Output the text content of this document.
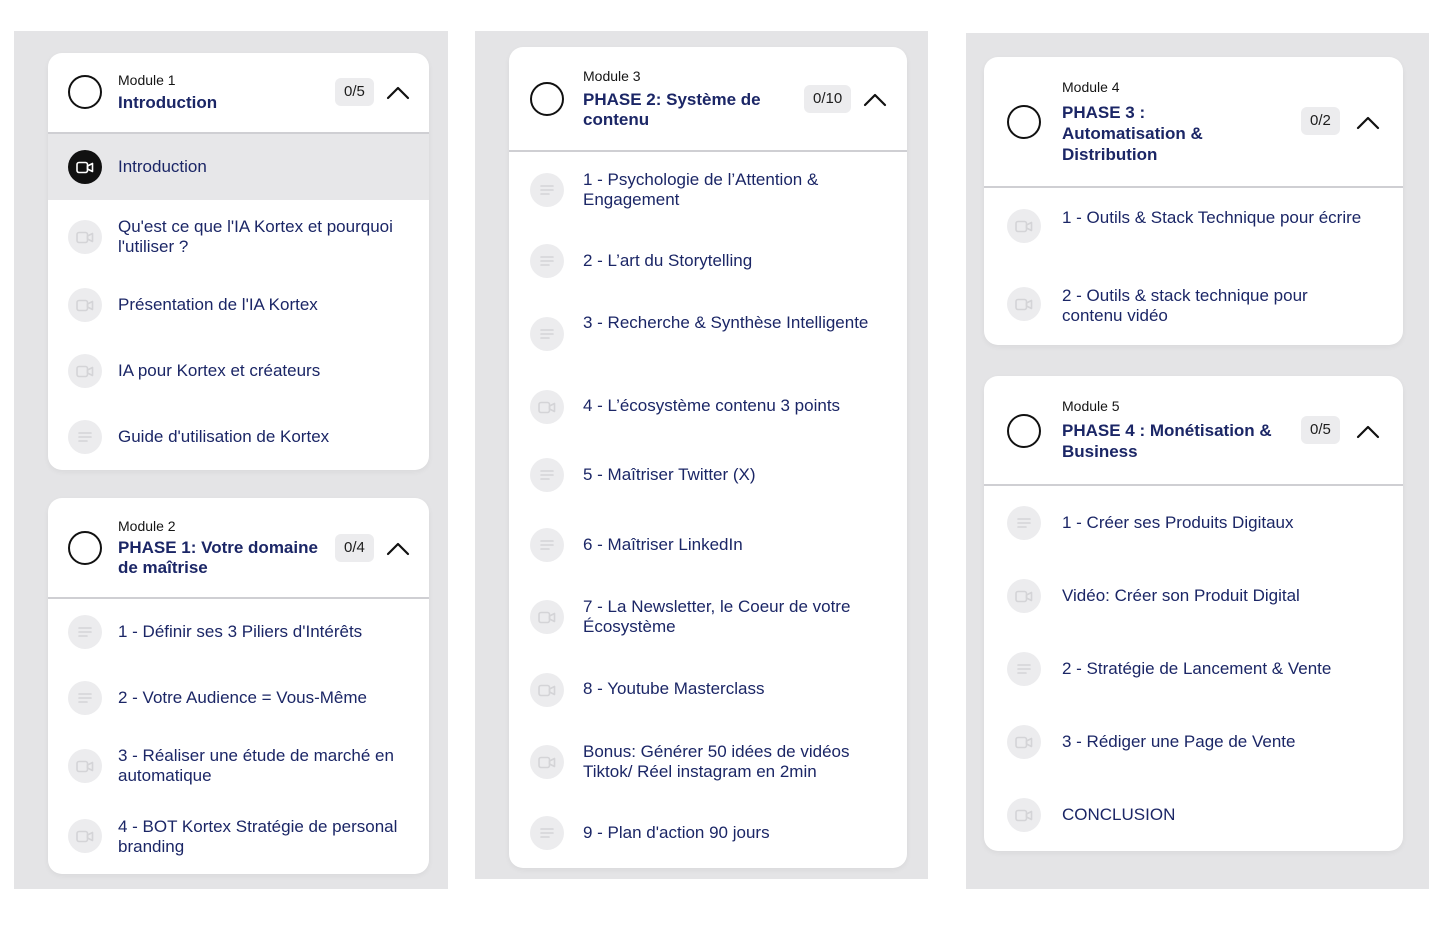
Module 1
Introduction
0/5
Introduction
Qu'est ce que l'IA Kortex et pourquoi l'utiliser ?
Présentation de l'IA Kortex
IA pour Kortex et créateurs
Guide d'utilisation de Kortex
Module 2
PHASE 1: Votre domaine de maîtrise
0/4
1 - Définir ses 3 Piliers d'Intérêts
2 - Votre Audience = Vous-Même
3 - Réaliser une étude de marché en automatique
4 - BOT Kortex Stratégie de personal branding
Module 3
PHASE 2: Système de contenu
0/10
1 - Psychologie de l’Attention & Engagement
2 - L’art du Storytelling
3 - Recherche & Synthèse Intelligente
4 - L’écosystème contenu 3 points
5 - Maîtriser Twitter (X)
6 - Maîtriser LinkedIn
7 - La Newsletter, le Coeur de votre Écosystème
8 - Youtube Masterclass
Bonus: Générer 50 idées de vidéos Tiktok/ Réel instagram en 2min
9 - Plan d'action 90 jours
Module 4
PHASE 3 : Automatisation & Distribution
0/2
1 - Outils & Stack Technique pour écrire
2 - Outils & stack technique pour contenu vidéo
Module 5
PHASE 4 : Monétisation & Business
0/5
1 - Créer ses Produits Digitaux
Vidéo: Créer son Produit Digital
2 - Stratégie de Lancement & Vente
3 - Rédiger une Page de Vente
CONCLUSION
